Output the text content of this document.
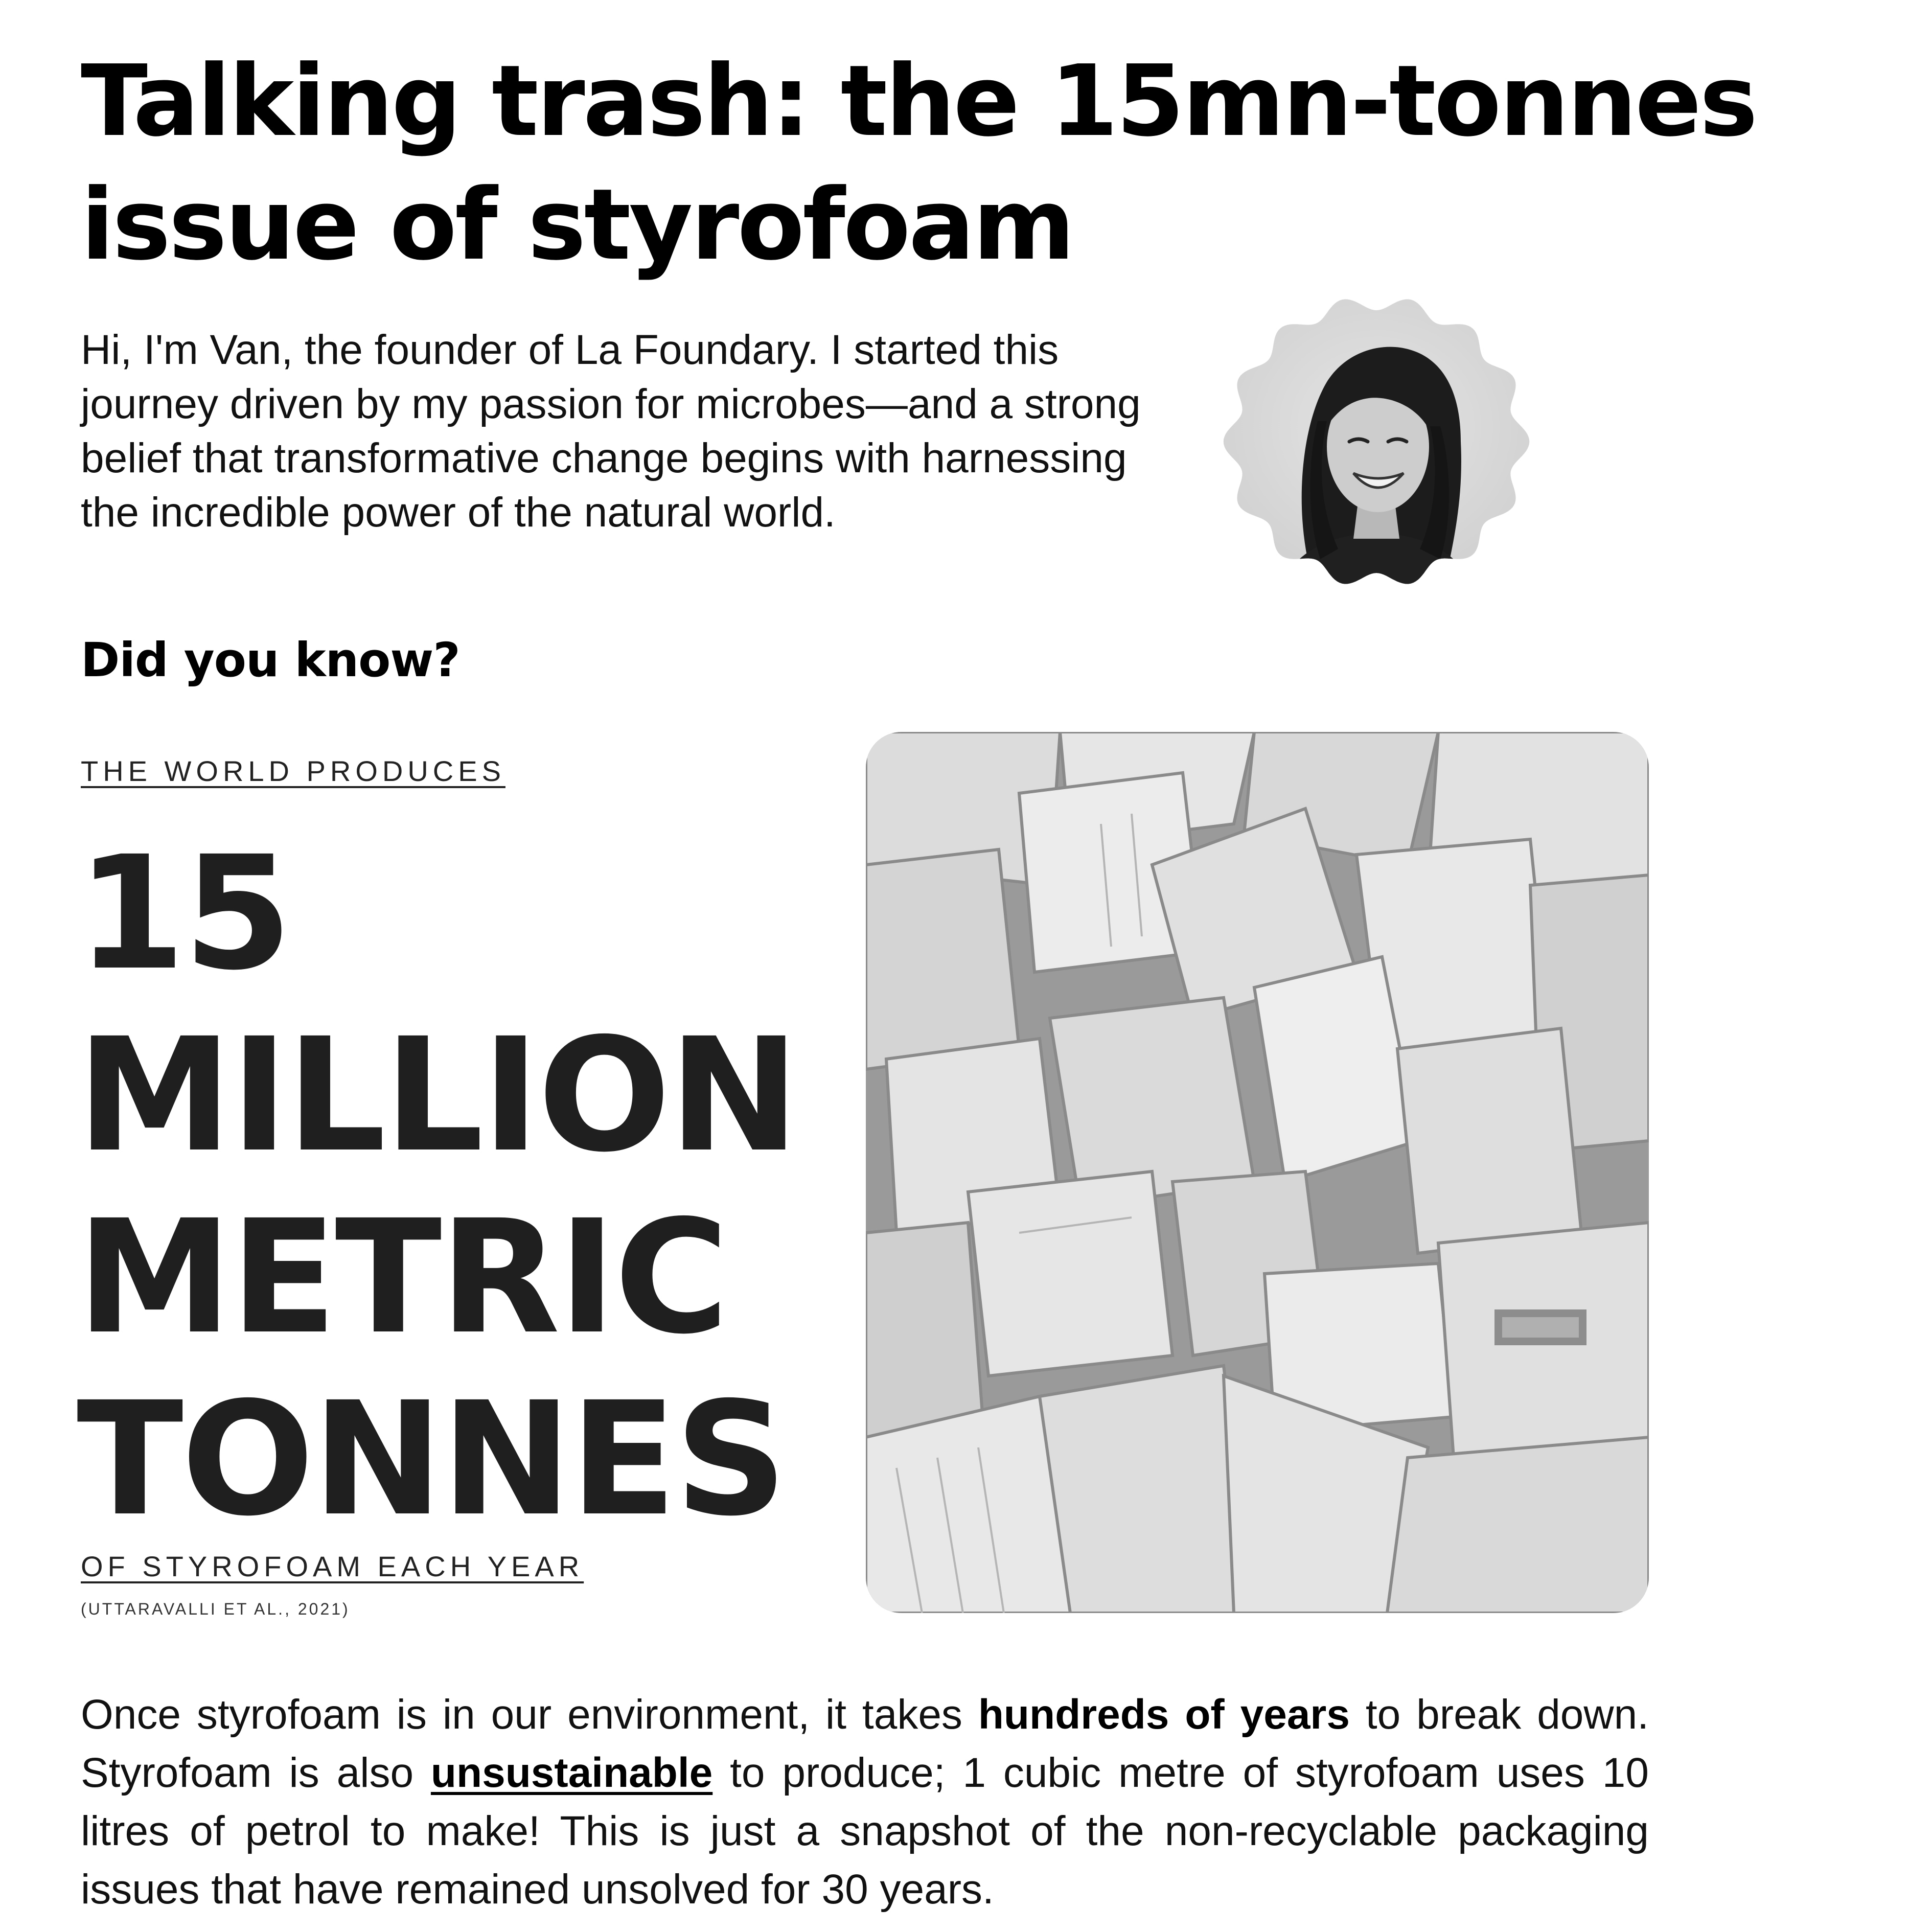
Talking trash: the 15mn-tonnes issue of styrofoam

Hi, I'm Van, the founder of La Foundary. I started this journey driven by my passion for microbes—and a strong belief that transformative change begins with harnessing the incredible power of the natural world.

Did you know?

THE WORLD PRODUCES

15
MILLION
METRIC
TONNES

OF STYROFOAM EACH YEAR

(UTTARAVALLI ET AL., 2021)

Once styrofoam is in our environment, it takes hundreds of years to break down. Styrofoam is also unsustainable to produce; 1 cubic metre of styrofoam uses 10 litres of petrol to make! This is just a snapshot of the non-recyclable packaging issues that have remained unsolved for 30 years.
